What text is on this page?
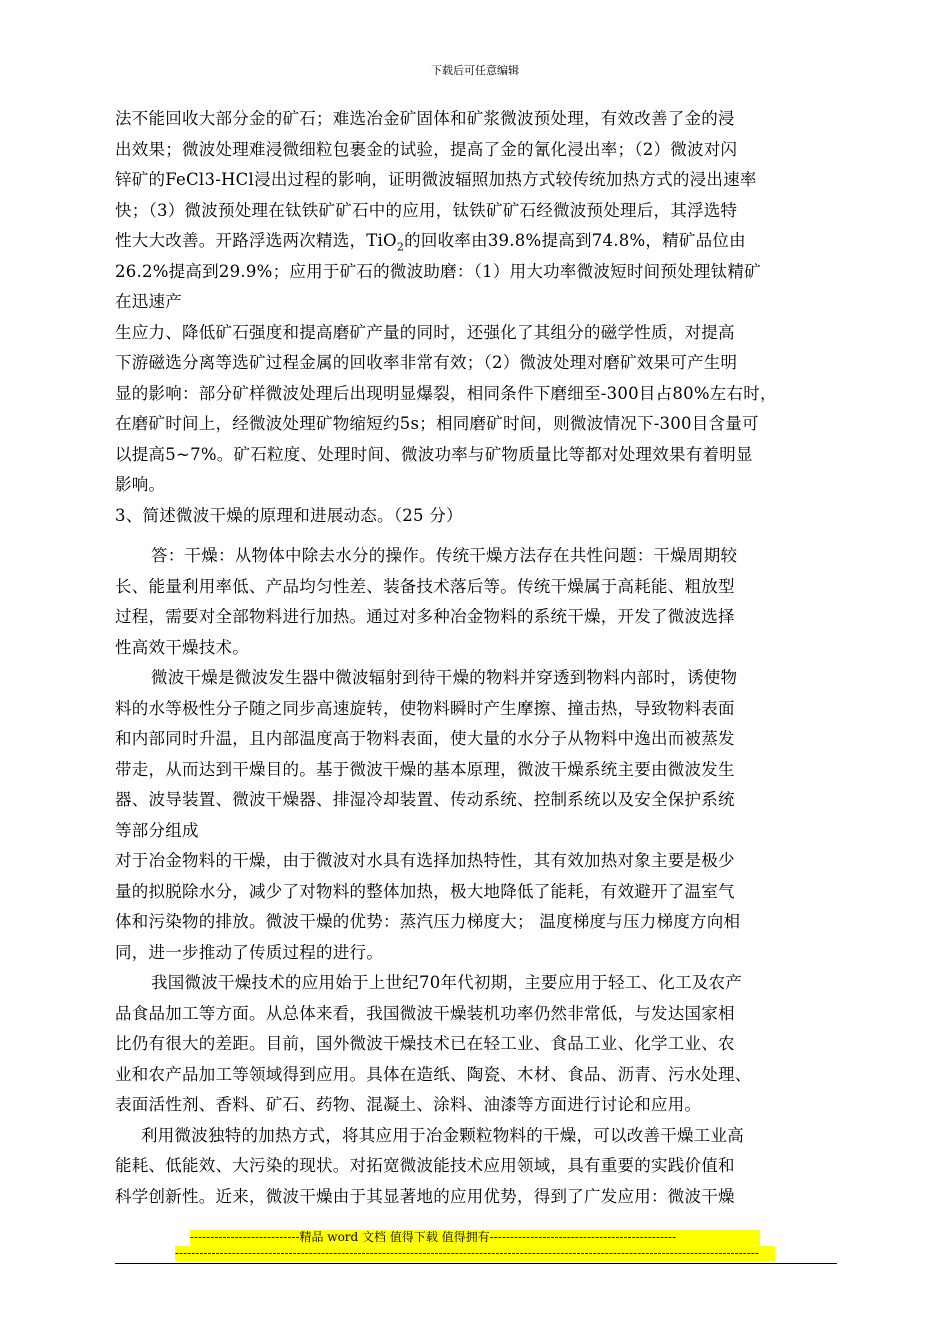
下载后可任意编辑
法不能回收大部分金的矿石；难选冶金矿固体和矿浆微波预处理，有效改善了金的浸
出效果；微波处理难浸微细粒包裹金的试验，提高了金的氰化浸出率；（2）微波对闪
锌矿的FeCl3-HCl浸出过程的影响，证明微波辐照加热方式较传统加热方式的浸出速率
快；（3）微波预处理在钛铁矿矿石中的应用，钛铁矿矿石经微波预处理后，其浮选特
性大大改善。开路浮选两次精选，TiO$_2$的回收率由39.8%提高到74.8%，精矿品位由
26.2%提高到29.9%；应用于矿石的微波助磨：（1）用大功率微波短时间预处理钛精矿
在迅速产
生应力、降低矿石强度和提高磨矿产量的同时，还强化了其组分的磁学性质，对提高
下游磁选分离等选矿过程金属的回收率非常有效；（2）微波处理对磨矿效果可产生明
显的影响：部分矿样微波处理后出现明显爆裂，相同条件下磨细至-300目占80%左右时，
在磨矿时间上，经微波处理矿物缩短约5s；相同磨矿时间，则微波情况下-300目含量可
以提高5~7%。矿石粒度、处理时间、微波功率与矿物质量比等都对处理效果有着明显
影响。
3、简述微波干燥的原理和进展动态。（25 分）
答：干燥：从物体中除去水分的操作。传统干燥方法存在共性问题：干燥周期较
长、能量利用率低、产品均匀性差、装备技术落后等。传统干燥属于高耗能、粗放型
过程，需要对全部物料进行加热。通过对多种冶金物料的系统干燥，开发了微波选择
性高效干燥技术。
微波干燥是微波发生器中微波辐射到待干燥的物料并穿透到物料内部时，诱使物
料的水等极性分子随之同步高速旋转，使物料瞬时产生摩擦、撞击热，导致物料表面
和内部同时升温，且内部温度高于物料表面，使大量的水分子从物料中逸出而被蒸发
带走，从而达到干燥目的。基于微波干燥的基本原理，微波干燥系统主要由微波发生
器、波导装置、微波干燥器、排湿冷却装置、传动系统、控制系统以及安全保护系统
等部分组成
对于冶金物料的干燥，由于微波对水具有选择加热特性，其有效加热对象主要是极少
量的拟脱除水分，减少了对物料的整体加热，极大地降低了能耗，有效避开了温室气
体和污染物的排放。微波干燥的优势：蒸汽压力梯度大； 温度梯度与压力梯度方向相
同，进一步推动了传质过程的进行。
我国微波干燥技术的应用始于上世纪70年代初期，主要应用于轻工、化工及农产
品食品加工等方面。从总体来看，我国微波干燥装机功率仍然非常低，与发达国家相
比仍有很大的差距。目前，国外微波干燥技术已在轻工业、食品工业、化学工业、农
业和农产品加工等领域得到应用。具体在造纸、陶瓷、木材、食品、沥青、污水处理、
表面活性剂、香料、矿石、药物、混凝土、涂料、油漆等方面进行讨论和应用。
利用微波独特的加热方式，将其应用于冶金颗粒物料的干燥，可以改善干燥工业高
能耗、低能效、大污染的现状。对拓宽微波能技术应用领域，具有重要的实践价值和
科学创新性。近来，微波干燥由于其显著地的应用优势，得到了广发应用：微波干燥
---------------------------精品 word 文档 值得下载 值得拥有----------------------------------------------
------------------------------------------------------------------------------------------------------------------------------------------------
